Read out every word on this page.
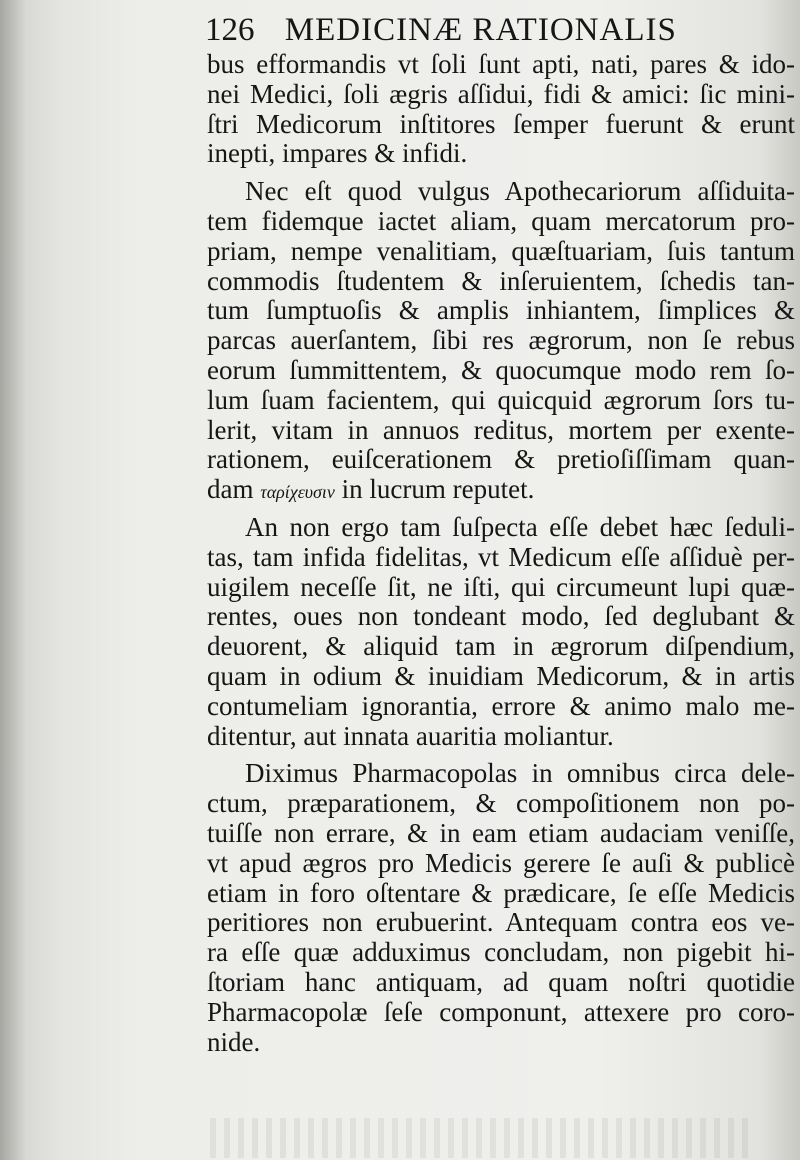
126 MEDICINÆ RATIONALIS
bus efformandis vt ſoli ſunt apti, nati, pares & ido-
nei Medici, ſoli ægris aſſidui, fidi & amici: ſic mini-
ſtri Medicorum inſtitores ſemper fuerunt & erunt
inepti, impares & infidi.
Nec eſt quod vulgus Apothecariorum aſſiduita-
tem fidemque iactet aliam, quam mercatorum pro-
priam, nempe venalitiam, quæſtuariam, ſuis tantum
commodis ſtudentem & inſeruientem, ſchedis tan-
tum ſumptuoſis & amplis inhiantem, ſimplices &
parcas auerſantem, ſibi res ægrorum, non ſe rebus
eorum ſummittentem, & quocumque modo rem ſo-
lum ſuam facientem, qui quicquid ægrorum ſors tu-
lerit, vitam in annuos reditus, mortem per exente-
rationem, euiſcerationem & pretioſiſſimam quan-
dam ταρίχευσιν in lucrum reputet.
An non ergo tam ſuſpecta eſſe debet hæc ſeduli-
tas, tam infida fidelitas, vt Medicum eſſe aſſiduè per-
uigilem neceſſe ſit, ne iſti, qui circumeunt lupi quæ-
rentes, oues non tondeant modo, ſed deglubant &
deuorent, & aliquid tam in ægrorum diſpendium,
quam in odium & inuidiam Medicorum, & in artis
contumeliam ignorantia, errore & animo malo me-
ditentur, aut innata auaritia moliantur.
Diximus Pharmacopolas in omnibus circa dele-
ctum, præparationem, & compoſitionem non po-
tuiſſe non errare, & in eam etiam audaciam veniſſe,
vt apud ægros pro Medicis gerere ſe auſi & publicè
etiam in foro oſtentare & prædicare, ſe eſſe Medicis
peritiores non erubuerint. Antequam contra eos ve-
ra eſſe quæ adduximus concludam, non pigebit hi-
ſtoriam hanc antiquam, ad quam noſtri quotidie
Pharmacopolæ ſeſe componunt, attexere pro coro-
nide.
